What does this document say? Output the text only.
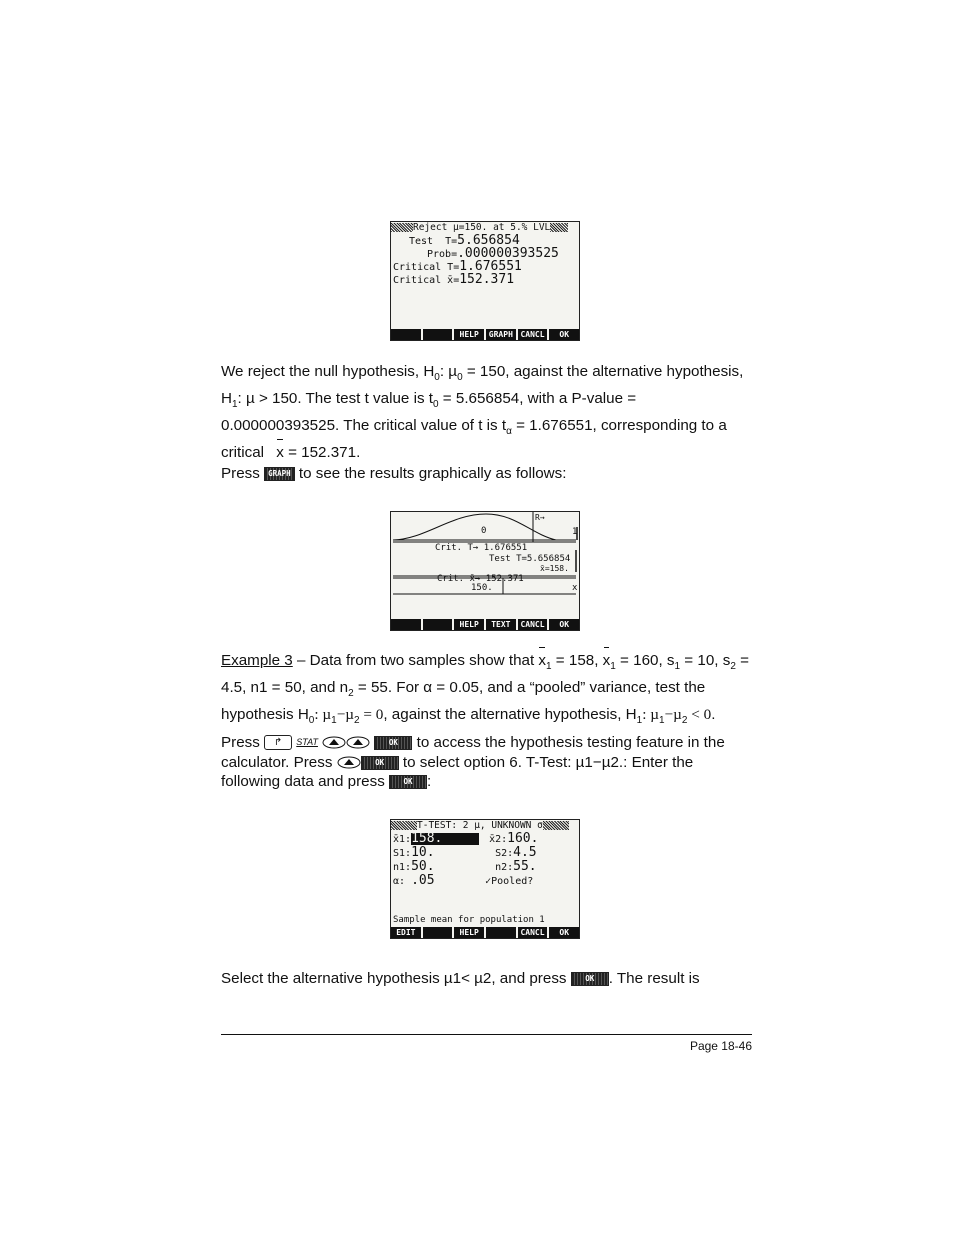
Reject µ=150. at 5.% LVL
Test  T=5.656854
Prob=.000000393525
Critical T=1.676551
Critical x̄=152.371
HELP	GRAPH CANCL	OK

We reject the null hypothesis, $H_0$: µ$_0$ = 150, against the alternative hypothesis, $H_1$: µ > 150. The test t value is $t_0 = 5.656854$, with a P-value = 0.000000393525. The critical value of t is $t_\alpha = 1.676551$, corresponding to a critical x = 152.371.

Press GRAPH to see the results graphically as follows:

0
R→
1
Crit. T→ 1.676551
Test T=5.656854
x̄=158.
Crit. x̄→ 152.371
150.	x
HELP	TEXT	CANCL	OK

Example 3 – Data from two samples show that $x_1 = 158$, $x_1 = 160$, $s_1 = 10$, $s_2 = 4.5$, n1 = 50, and $n_2 = 55$. For α = 0.05, and a “pooled” variance, test the hypothesis $H_0$: µ$_1$−µ$_2$ = 0, against the alternative hypothesis, $H_1$: µ$_1$−µ$_2$ < 0.

Press ↱ STAT	OK to access the hypothesis testing feature in the calculator. Press	OK to select option 6. T-Test: µ1−µ2.: Enter the following data and press OK :

T-TEST: 2 µ, UNKNOWN σ
x̄1:158.	x̄2:160.
S1:10.	S2:4.5
n1:50.	n2:55.
α: .05	✓Pooled?
Sample mean for population 1
EDIT	HELP	CANCL	OK

Select the alternative hypothesis µ1< µ2, and press OK . The result is

Page 18-46
